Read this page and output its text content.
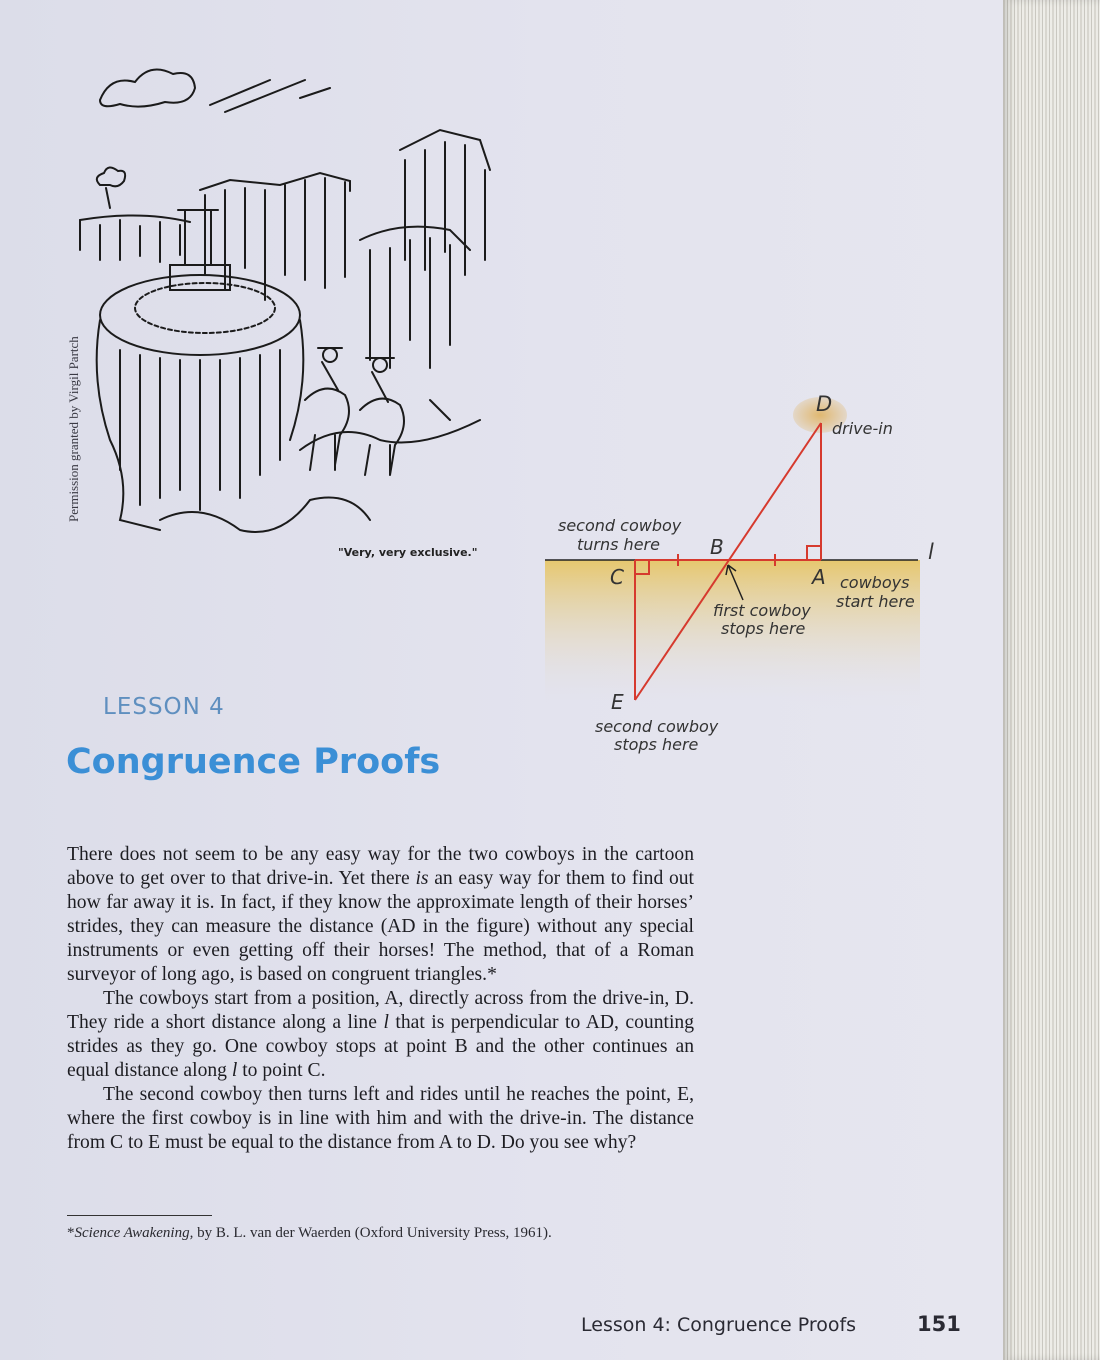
Permission granted by Virgil Partch
"Very, very exclusive."
D
drive-in
second cowboy
turns here	B
C	A
l
cowboys
start here
first cowboy
stops here
E
second cowboy
stops here
LESSON 4
Congruence Proofs

There does not seem to be any easy way for the two cowboys in the cartoon above to get over to that drive-in. Yet there is an easy way for them to find out how far away it is. In fact, if they know the approximate length of their horses’ strides, they can measure the distance (AD in the figure) without any special instruments or even getting off their horses! The method, that of a Roman surveyor of long ago, is based on congruent triangles.*

The cowboys start from a position, A, directly across from the drive-in, D. They ride a short distance along a line l that is perpendicular to AD, counting strides as they go. One cowboy stops at point B and the other continues an equal distance along l to point C.

The second cowboy then turns left and rides until he reaches the point, E, where the first cowboy is in line with him and with the drive-in. The distance from C to E must be equal to the distance from A to D. Do you see why?

*Science Awakening, by B. L. van der Waerden (Oxford University Press, 1961).
Lesson 4: Congruence Proofs	151
